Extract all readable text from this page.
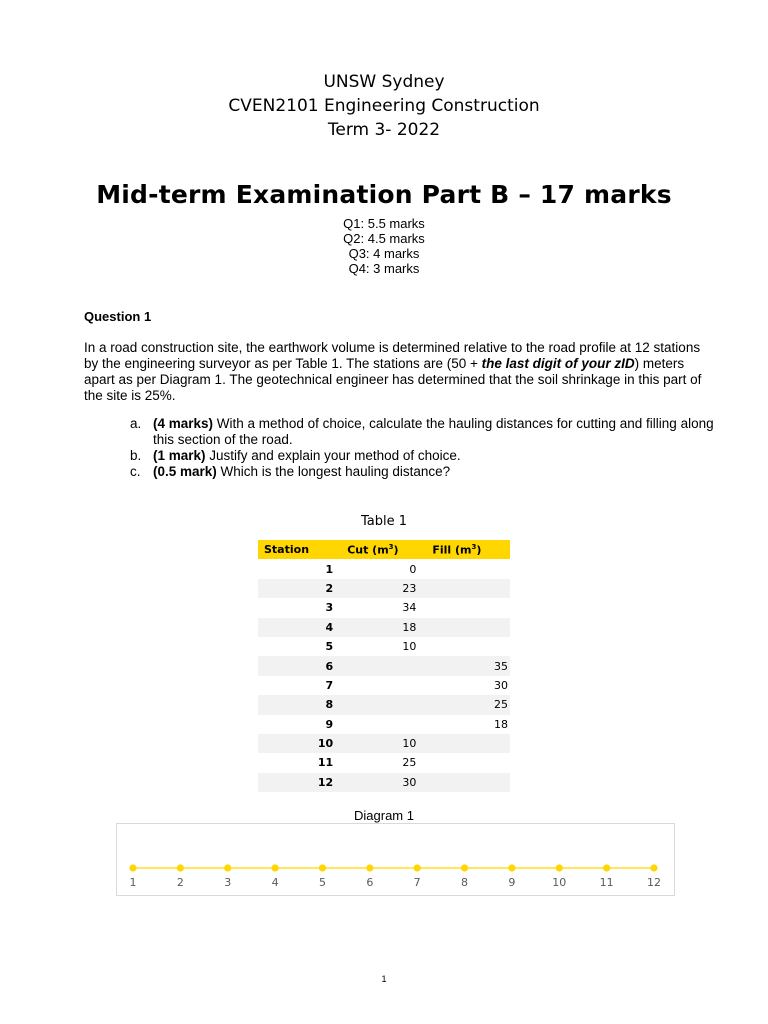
UNSW Sydney
CVEN2101 Engineering Construction
Term 3- 2022
Mid-term Examination Part B – 17 marks
Q1: 5.5 marks
Q2: 4.5 marks
Q3: 4 marks
Q4: 3 marks
Question 1
In a road construction site, the earthwork volume is determined relative to the road profile at 12 stations by the engineering surveyor as per Table 1. The stations are (50 + the last digit of your zID) meters apart as per Diagram 1. The geotechnical engineer has determined that the soil shrinkage in this part of the site is 25%.
a. (4 marks) With a method of choice, calculate the hauling distances for cutting and filling along this section of the road.
b. (1 mark) Justify and explain your method of choice.
c. (0.5 mark) Which is the longest hauling distance?
Table 1
Station	Cut $(m^3)$	Fill $(m^3)$
1	0	
2	23	
3	34	
4	18	
5	10	
6		35
7		30
8		25
9		18
10	10	
11	25	
12	30	
Diagram 1
1	2	3	4	5	6	7	8	9	10	11	12
1
